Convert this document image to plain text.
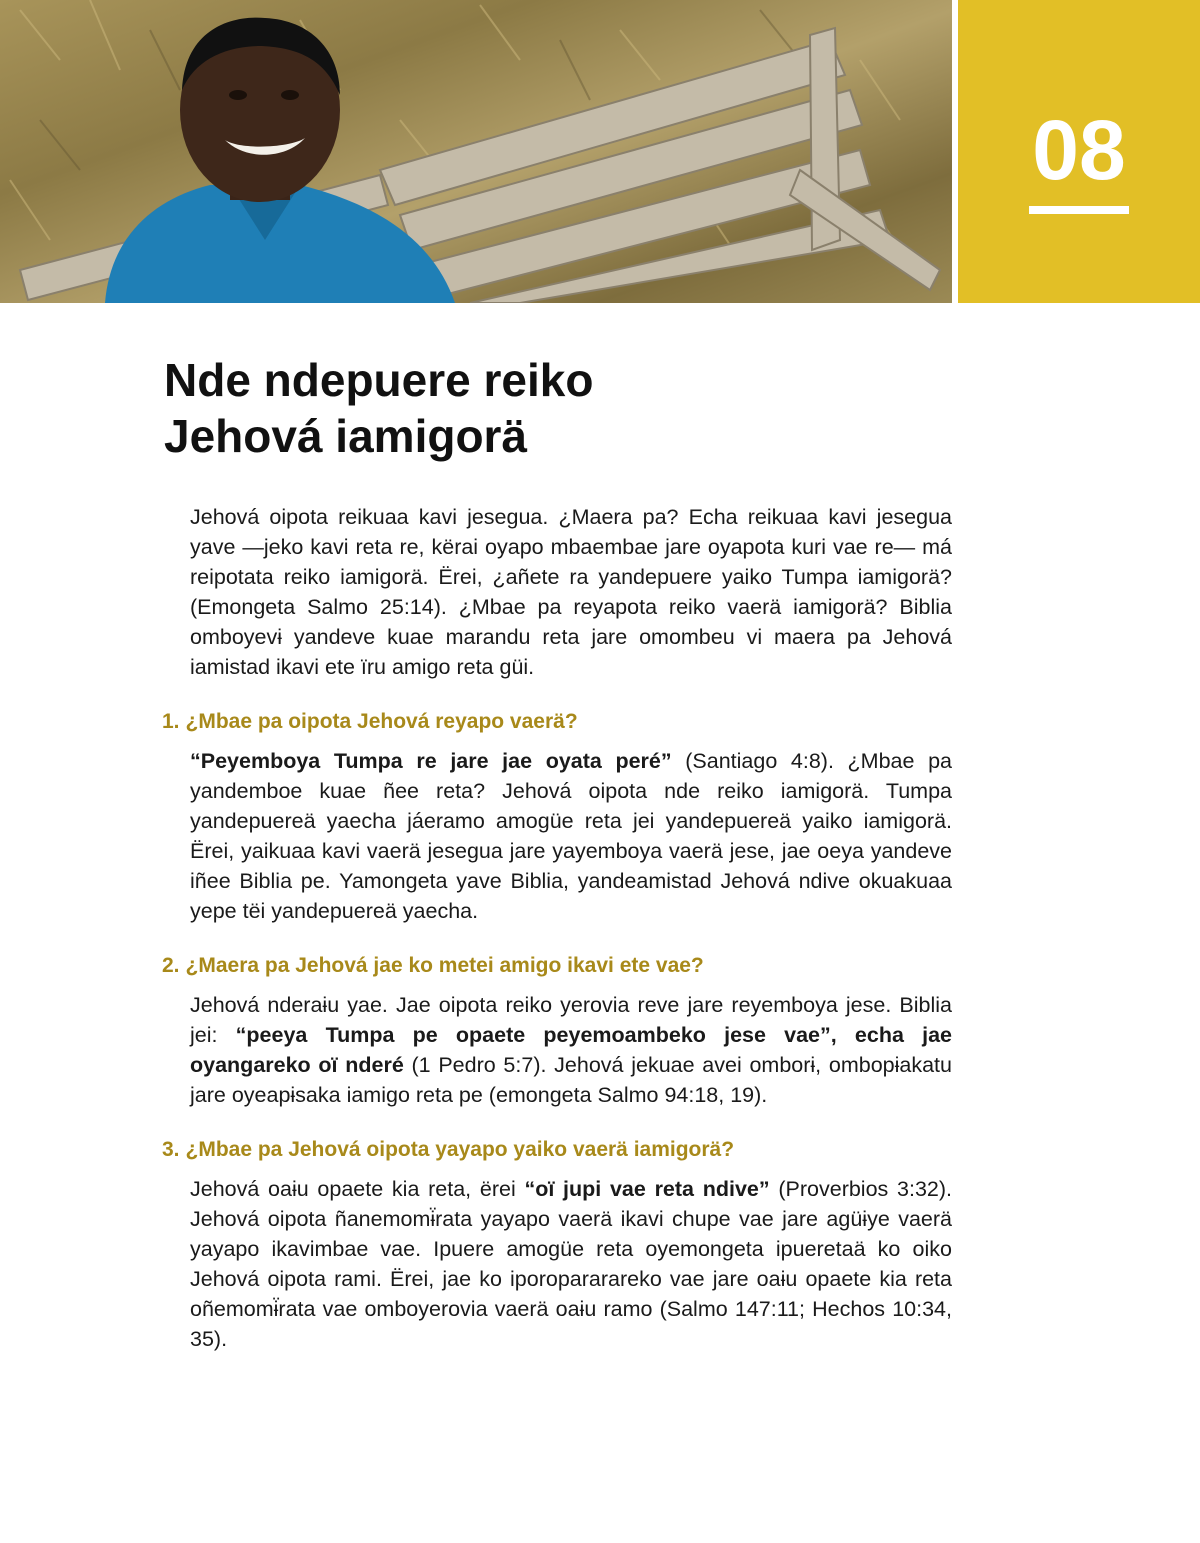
08
Nde ndepuere reiko
Jehová iamigorä

Jehová oipota reikuaa kavi jesegua. ¿Maera pa? Echa reikuaa kavi jesegua yave —jeko kavi reta re, kërai oyapo mbaembae jare oyapota kuri vae re— má reipotata reiko iamigorä. Ërei, ¿añete ra yandepuere yaiko Tumpa iamigorä? (Emongeta Salmo 25:14). ¿Mbae pa reyapota reiko vaerä iamigorä? Biblia omboyevɨ yandeve kuae marandu reta jare omombeu vi maera pa Jehová iamistad ikavi ete ïru amigo reta güi.

1. ¿Mbae pa oipota Jehová reyapo vaerä?

“Peyemboya Tumpa re jare jae oyata peré” (Santiago 4:8). ¿Mbae pa yandemboe kuae ñee reta? Jehová oipota nde reiko iamigorä. Tumpa yandepuereä yaecha jáeramo amogüe reta jei yandepuereä yaiko iamigorä. Ërei, yaikuaa kavi vaerä jesegua jare yayemboya vaerä jese, jae oeya yandeve iñee Biblia pe. Yamongeta yave Biblia, yandeamistad Jehová ndive okuakuaa yepe tëi yandepuereä yaecha.

2. ¿Maera pa Jehová jae ko metei amigo ikavi ete vae?

Jehová nderaɨu yae. Jae oipota reiko yerovia reve jare reyemboya jese. Biblia jei: “peeya Tumpa pe opaete peyemoambeko jese vae”, echa jae oyangareko oï nderé (1 Pedro 5:7). Jehová jekuae avei omborɨ, ombopɨakatu jare oyeapɨsaka iamigo reta pe (emongeta Salmo 94:18, 19).

3. ¿Mbae pa Jehová oipota yayapo yaiko vaerä iamigorä?

Jehová oaɨu opaete kia reta, ërei “oï jupi vae reta ndive” (Proverbios 3:32). Jehová oipota ñanemomɨ̈rata yayapo vaerä ikavi chupe vae jare agüɨye vaerä yayapo ikavimbae vae. Ipuere amogüe reta oyemongeta ipueretaä ko oiko Jehová oipota rami. Ërei, jae ko iporopararareko vae jare oaɨu opaete kia reta oñemomɨ̈rata vae omboyerovia vaerä oaɨu ramo (Salmo 147:11; Hechos 10:34, 35).
